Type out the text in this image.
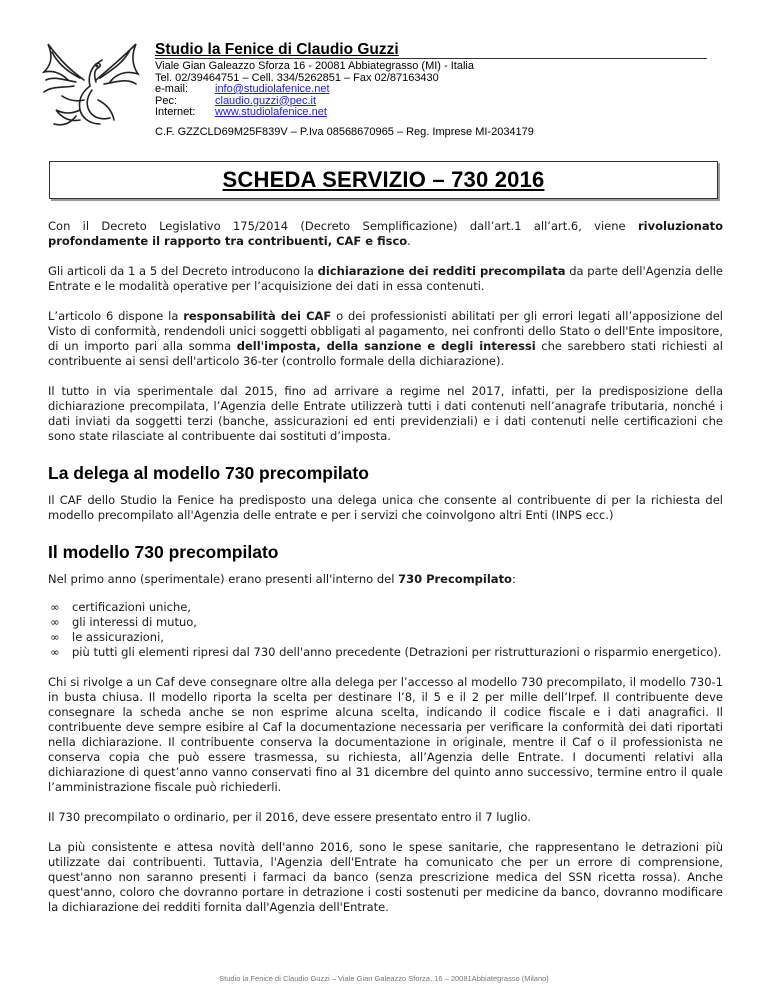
Studio la Fenice di Claudio Guzzi
Viale Gian Galeazzo Sforza 16 - 20081 Abbiategrasso (MI) - Italia
Tel. 02/39464751 – Cell. 334/5262851 – Fax 02/87163430
e-mail: info@studiolafenice.net
Pec:	claudio.guzzi@pec.it
Internet: www.studiolafenice.net
C.F. GZZCLD69M25F839V – P.Iva 08568670965 – Reg. Imprese MI-2034179
SCHEDA SERVIZIO – 730 2016

Con il Decreto Legislativo 175/2014 (Decreto Semplificazione) dall’art.1 all’art.6, viene rivoluzionato profondamente il rapporto tra contribuenti, CAF e fisco.

Gli articoli da 1 a 5 del Decreto introducono la dichiarazione dei redditi precompilata da parte dell'Agenzia delle Entrate e le modalità operative per l’acquisizione dei dati in essa contenuti.

L’articolo 6 dispone la responsabilità dei CAF o dei professionisti abilitati per gli errori legati all’apposizione del Visto di conformità, rendendoli unici soggetti obbligati al pagamento, nei confronti dello Stato o dell'Ente impositore, di un importo pari alla somma dell'imposta, della sanzione e degli interessi che sarebbero stati richiesti al contribuente ai sensi dell'articolo 36-ter (controllo formale della dichiarazione).

Il tutto in via sperimentale dal 2015, fino ad arrivare a regime nel 2017, infatti, per la predisposizione della dichiarazione precompilata, l’Agenzia delle Entrate utilizzerà tutti i dati contenuti nell’anagrafe tributaria, nonché i dati inviati da soggetti terzi (banche, assicurazioni ed enti previdenziali) e i dati contenuti nelle certificazioni che sono state rilasciate al contribuente dai sostituti d’imposta.

La delega al modello 730 precompilato

Il CAF dello Studio la Fenice ha predisposto una delega unica che consente al contribuente di per la richiesta del modello precompilato all'Agenzia delle entrate e per i servizi che coinvolgono altri Enti (INPS ecc.)

Il modello 730 precompilato

Nel primo anno (sperimentale) erano presenti all'interno del 730 Precompilato:

∞ certificazioni uniche,
∞ gli interessi di mutuo,
∞ le assicurazioni,
∞ più tutti gli elementi ripresi dal 730 dell'anno precedente (Detrazioni per ristrutturazioni o risparmio energetico).

Chi si rivolge a un Caf deve consegnare oltre alla delega per l’accesso al modello 730 precompilato, il modello 730-1 in busta chiusa. Il modello riporta la scelta per destinare l’8, il 5 e il 2 per mille dell’Irpef. Il contribuente deve consegnare la scheda anche se non esprime alcuna scelta, indicando il codice fiscale e i dati anagrafici. Il contribuente deve sempre esibire al Caf la documentazione necessaria per verificare la conformità dei dati riportati nella dichiarazione. Il contribuente conserva la documentazione in originale, mentre il Caf o il professionista ne conserva copia che può essere trasmessa, su richiesta, all’Agenzia delle Entrate. I documenti relativi alla dichiarazione di quest’anno vanno conservati fino al 31 dicembre del quinto anno successivo, termine entro il quale l’amministrazione fiscale può richiederli.

Il 730 precompilato o ordinario, per il 2016, deve essere presentato entro il 7 luglio.

La più consistente e attesa novità dell'anno 2016, sono le spese sanitarie, che rappresentano le detrazioni più utilizzate dai contribuenti. Tuttavia, l'Agenzia dell'Entrate ha comunicato che per un errore di comprensione, quest'anno non saranno presenti i farmaci da banco (senza prescrizione medica del SSN ricetta rossa). Anche quest'anno, coloro che dovranno portare in detrazione i costi sostenuti per medicine da banco, dovranno modificare la dichiarazione dei redditi fornita dall'Agenzia dell'Entrate.

Studio la Fenice di Claudio Guzzi – Viale Gian Galeazzo Sforza, 16 – 20081Abbiategrasso (Milano)
